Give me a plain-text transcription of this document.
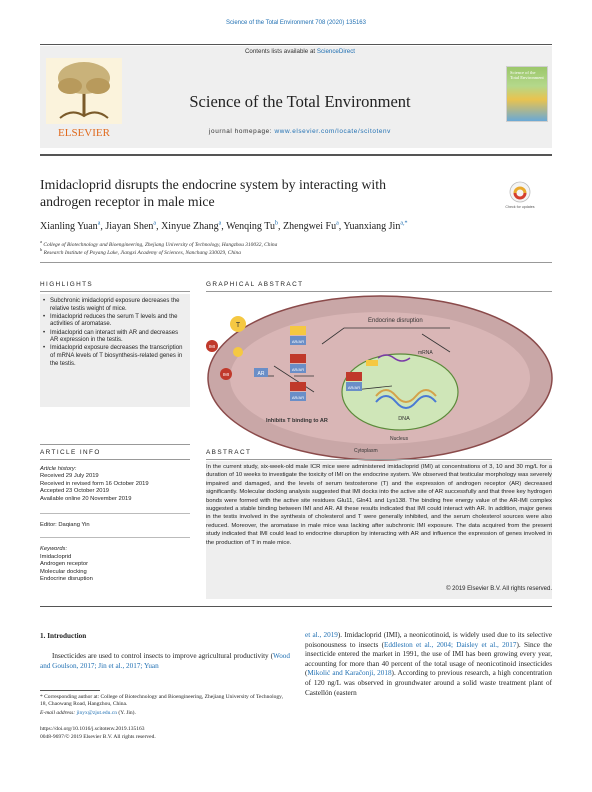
Science of the Total Environment 708 (2020) 135163
ELSEVIER
Contents lists available at ScienceDirect
Science of the Total Environment
journal homepage: www.elsevier.com/locate/scitotenv
Science of the Total Environment
Imidacloprid disrupts the endocrine system by interacting with
androgen receptor in male mice	Check for updates
Xianling Yuan$^a$, Jiayan Shen$^a$, Xinyue Zhang$^a$, Wenqing Tu$^b$, Zhengwei Fu$^a$, Yuanxiang Jin$^{a,*}$
$^a$ College of Biotechnology and Bioengineering, Zhejiang University of Technology, Hangzhou 310032, China
$^b$ Research Institute of Poyang Lake, Jiangxi Academy of Sciences, Nanchang 330029, China
HIGHLIGHTS
• Subchronic imidacloprid exposure decreases the relative testis weight of mice.
• Imidacloprid reduces the serum T levels and the activities of aromatase.
• Imidacloprid can interact with AR and decreases AR expression in the testis.
• Imidacloprid exposure decreases the transcription of mRNA levels of T biosynthesis-related genes in the testis.
GRAPHICAL ABSTRACT
T
IMI
IMI	AR
AR/AR
AR/AR
AR/AR
AR/AR
DNA
mRNA
Endocrine disruption
Inhibits T binding to AR
Nucleus
Cytoplasm
ARTICLE INFO
Article history:
Received 29 July 2019
Received in revised form 16 October 2019
Accepted 23 October 2019
Available online 20 November 2019
Editor: Daqiang Yin
Keywords:
Imidacloprid
Androgen receptor
Molecular docking
Endocrine disruption
ABSTRACT
In the current study, six-week-old male ICR mice were administered imidacloprid (IMI) at concentrations of 3, 10 and 30 mg/L for a duration of 10 weeks to investigate the toxicity of IMI on the endocrine system. We observed that testicular morphology was severely impaired and damaged, and the levels of serum testosterone (T) and the expression of androgen receptor (AR) decreased significantly. Molecular docking analysis suggested that IMI docks into the active site of AR successfully and that three key hydrogen bonds were formed with the active site residues Glu11, Gln41 and Lys138. The binding free energy value of the AR-IMI complex suggested a stable binding between IMI and AR. All these results indicated that IMI could interact with AR. In addition, major genes in the testis involved in the synthesis of cholesterol and T were generally inhibited, and the serum cholesterol sources were also reduced. Moreover, the aromatase in male mice was lacking after subchronic IMI exposure. The data acquired from the present study indicated that IMI could lead to endocrine disruption by interacting with AR and influence the expression of genes involved in the production of T in male mice.
© 2019 Elsevier B.V. All rights reserved.
1. Introduction
Insecticides are used to control insects to improve agricultural productivity (Wood and Goulson, 2017; Jin et al., 2017; Yuan
et al., 2019). Imidacloprid (IMI), a neonicotinoid, is widely used due to its selective poisonousness to insects (Eddleston et al., 2004; Daisley et al., 2017). Since the insecticide entered the market in 1991, the use of IMI has been growing every year, accounting for more than 40 percent of the total usage of neonicotinoid insecticides (Mikolić and Karačonji, 2018). According to previous research, a high concentration of 120 ng/L was observed in groundwater around a solid waste treatment plant of Castellón (eastern
* Corresponding author at: College of Biotechnology and Bioengineering, Zhejiang University of Technology, 18, Chaowang Road, Hangzhou, China.
E-mail address: jinyx@zjut.edu.cn (Y. Jin).
https://doi.org/10.1016/j.scitotenv.2019.135163
0048-9697/© 2019 Elsevier B.V. All rights reserved.
